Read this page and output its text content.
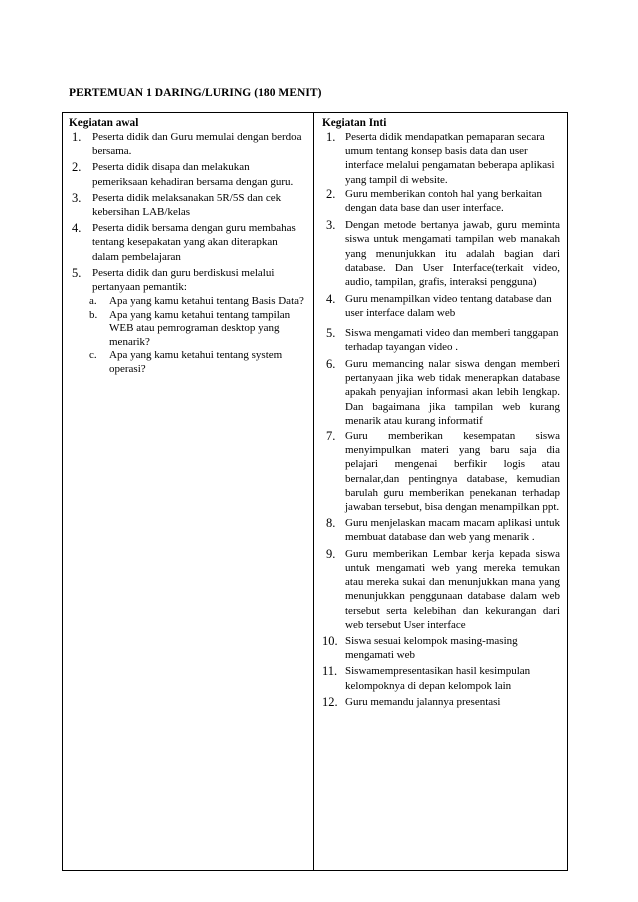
PERTEMUAN 1 DARING/LURING (180 MENIT)
Kegiatan awal
1. Peserta didik dan Guru memulai dengan berdoa bersama.
2. Peserta didik disapa dan melakukan pemeriksaan kehadiran bersama dengan guru.
3. Peserta didik melaksanakan 5R/5S dan cek kebersihan LAB/kelas
4. Peserta didik bersama dengan guru membahas tentang kesepakatan yang akan diterapkan dalam pembelajaran
5. Peserta didik dan guru berdiskusi melalui pertanyaan pemantik:
a. Apa yang kamu ketahui tentang Basis Data?
b. Apa yang kamu ketahui tentang tampilan WEB atau pemrograman desktop yang menarik?
c. Apa yang kamu ketahui tentang system operasi?
Kegiatan Inti
1. Peserta didik mendapatkan pemaparan secara umum tentang konsep basis data dan user interface melalui pengamatan beberapa aplikasi yang tampil di website.
2. Guru memberikan contoh hal yang berkaitan dengan data base dan user interface.
3. Dengan metode bertanya jawab, guru meminta siswa untuk mengamati tampilan web manakah yang menunjukkan itu adalah bagian dari database. Dan User Interface(terkait video, audio, tampilan, grafis, interaksi pengguna)
4. Guru menampilkan video tentang database dan user interface dalam web
5. Siswa mengamati video dan memberi tanggapan terhadap tayangan video .
6. Guru memancing nalar siswa dengan memberi pertanyaan jika web tidak menerapkan database apakah penyajian informasi akan lebih lengkap. Dan bagaimana jika tampilan web kurang menarik atau kurang informatif
7. Guru memberikan kesempatan siswa menyimpulkan materi yang baru saja dia pelajari mengenai berfikir logis atau bernalar,dan pentingnya database, kemudian barulah guru memberikan penekanan terhadap jawaban tersebut, bisa dengan menampilkan ppt.
8. Guru menjelaskan macam macam aplikasi untuk membuat database dan web yang menarik .
9. Guru memberikan Lembar kerja kepada siswa untuk mengamati web yang mereka temukan atau mereka sukai dan menunjukkan mana yang menunjukkan penggunaan database dalam web tersebut serta kelebihan dan kekurangan dari web tersebut User interface
10. Siswa sesuai kelompok masing-masing mengamati web
11. Siswamempresentasikan hasil kesimpulan kelompoknya di depan kelompok lain
12. Guru memandu jalannya presentasi
